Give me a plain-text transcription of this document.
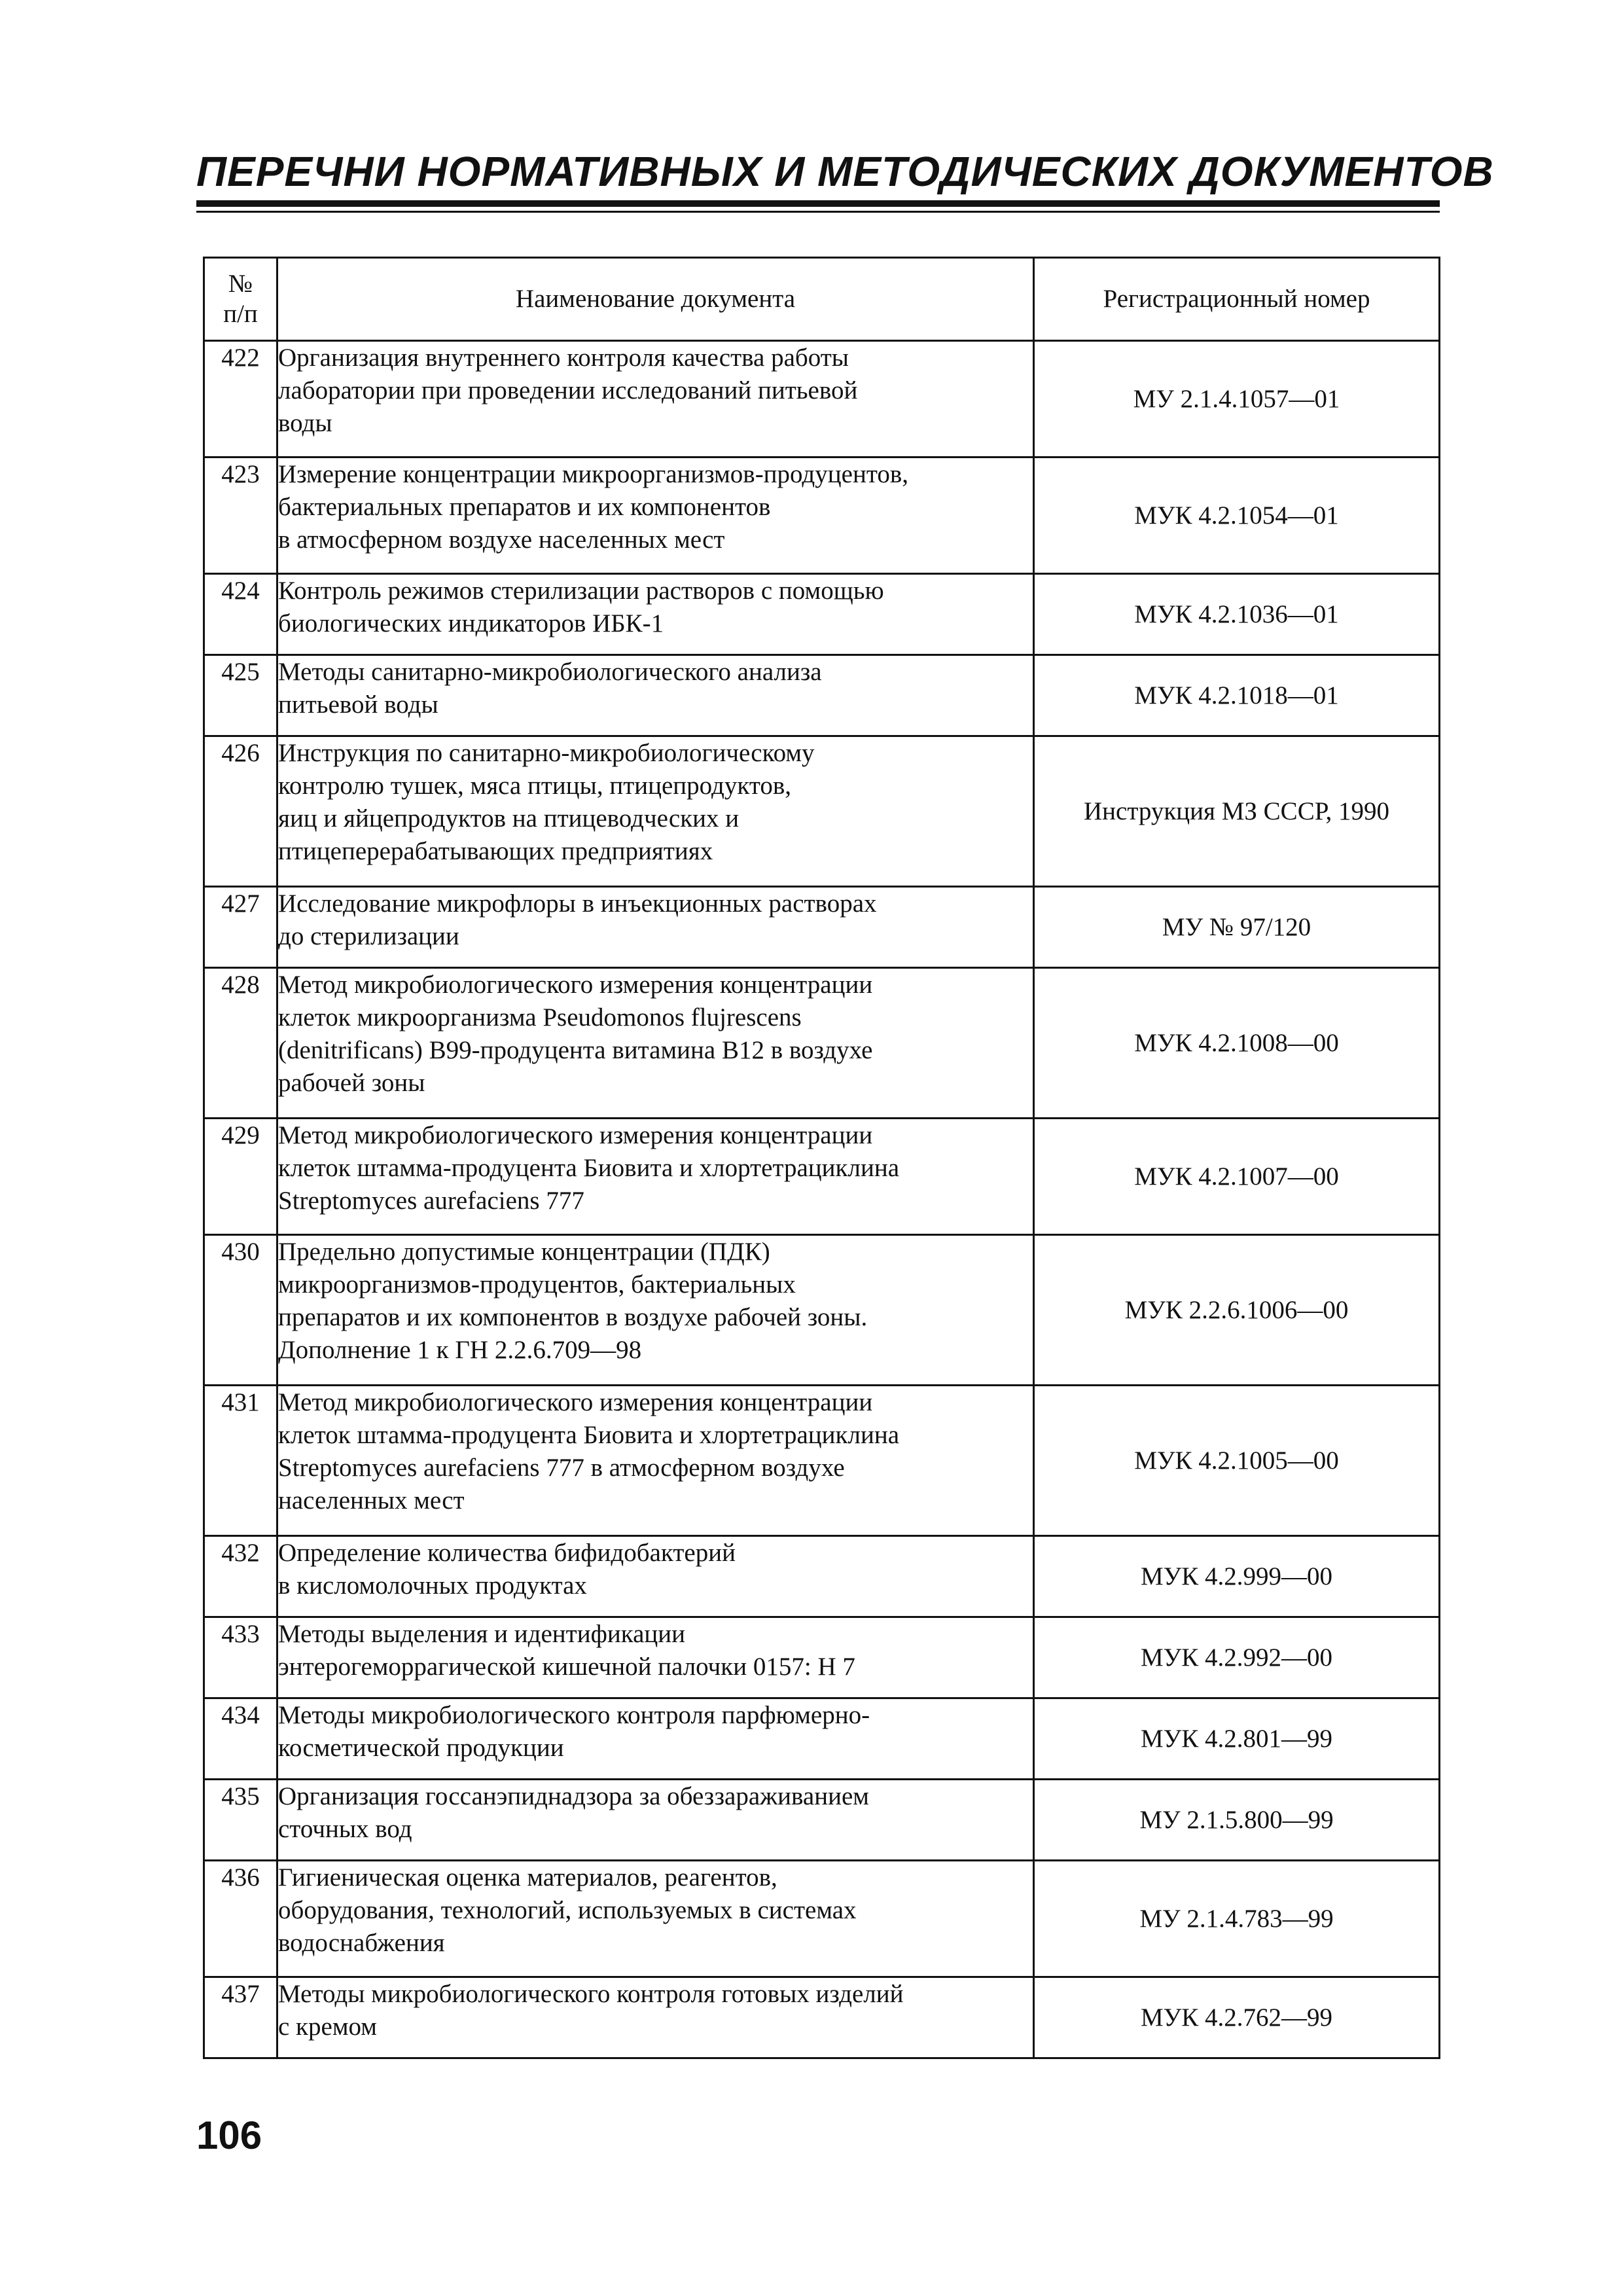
ПЕРЕЧНИ НОРМАТИВНЫХ И МЕТОДИЧЕСКИХ ДОКУМЕНТОВ
№
п/п	Наименование документа	Регистрационный номер
422	Организация внутреннего контроля качества работы
лаборатории при проведении исследований питьевой
воды	МУ 2.1.4.1057—01
423	Измерение концентрации микроорганизмов-продуцентов,
бактериальных препаратов и их компонентов
в атмосферном воздухе населенных мест	МУК 4.2.1054—01
424	Контроль режимов стерилизации растворов с помощью
биологических индикаторов ИБК-1	МУК 4.2.1036—01
425	Методы санитарно-микробиологического анализа
питьевой воды	МУК 4.2.1018—01
426	Инструкция по санитарно-микробиологическому
контролю тушек, мяса птицы, птицепродуктов,
яиц и яйцепродуктов на птицеводческих и
птицеперерабатывающих предприятиях	Инструкция МЗ СССР, 1990
427	Исследование микрофлоры в инъекционных растворах
до стерилизации	МУ № 97/120
428	Метод микробиологического измерения концентрации
клеток микроорганизма Pseudomonos flujrescens
(denitrificans) B99-продуцента витамина B12 в воздухе
рабочей зоны	МУК 4.2.1008—00
429	Метод микробиологического измерения концентрации
клеток штамма-продуцента Биовита и хлортетрациклина
Streptomyces aurefaciens 777	МУК 4.2.1007—00
430	Предельно допустимые концентрации (ПДК)
микроорганизмов-продуцентов, бактериальных
препаратов и их компонентов в воздухе рабочей зоны.
Дополнение 1 к ГН 2.2.6.709—98	МУК 2.2.6.1006—00
431	Метод микробиологического измерения концентрации
клеток штамма-продуцента Биовита и хлортетрациклина
Streptomyces aurefaciens 777 в атмосферном воздухе
населенных мест	МУК 4.2.1005—00
432	Определение количества бифидобактерий
в кисломолочных продуктах	МУК 4.2.999—00
433	Методы выделения и идентификации
энтерогеморрагической кишечной палочки 0157: Н 7	МУК 4.2.992—00
434	Методы микробиологического контроля парфюмерно-
косметической продукции	МУК 4.2.801—99
435	Организация госсанэпиднадзора за обеззараживанием
сточных вод	МУ 2.1.5.800—99
436	Гигиеническая оценка материалов, реагентов,
оборудования, технологий, используемых в системах
водоснабжения	МУ 2.1.4.783—99
437	Методы микробиологического контроля готовых изделий
с кремом	МУК 4.2.762—99
106
